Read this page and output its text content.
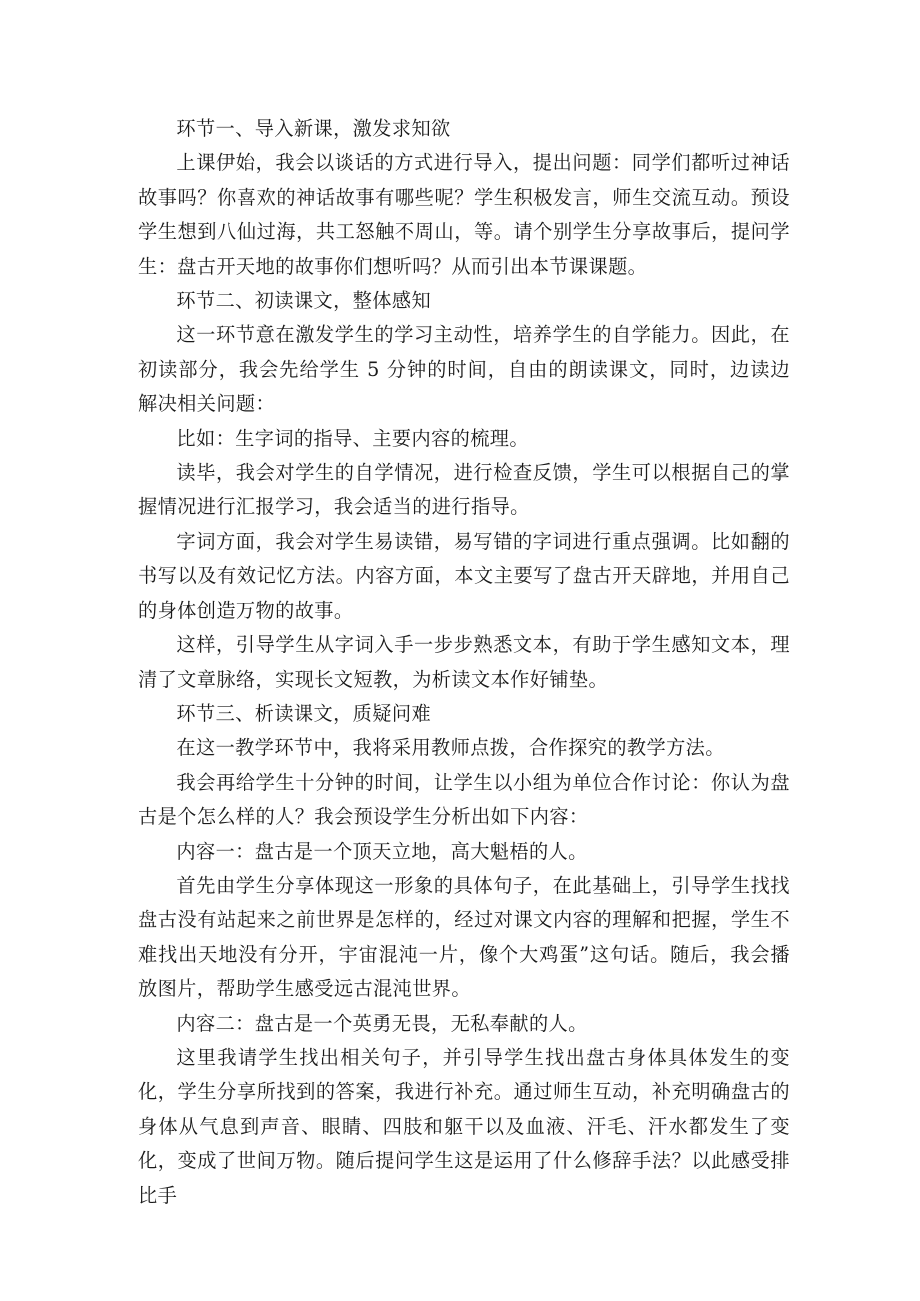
环节一、导入新课，激发求知欲

上课伊始，我会以谈话的方式进行导入，提出问题：同学们都听过神话故事吗？你喜欢的神话故事有哪些呢？学生积极发言，师生交流互动。预设学生想到八仙过海，共工怒触不周山，等。请个别学生分享故事后，提问学生：盘古开天地的故事你们想听吗？从而引出本节课课题。

环节二、初读课文，整体感知

这一环节意在激发学生的学习主动性，培养学生的自学能力。因此，在初读部分，我会先给学生 5 分钟的时间，自由的朗读课文，同时，边读边解决相关问题：

比如：生字词的指导、主要内容的梳理。

读毕，我会对学生的自学情况，进行检查反馈，学生可以根据自己的掌握情况进行汇报学习，我会适当的进行指导。

字词方面，我会对学生易读错，易写错的字词进行重点强调。比如翻的书写以及有效记忆方法。内容方面，本文主要写了盘古开天辟地，并用自己的身体创造万物的故事。

这样，引导学生从字词入手一步步熟悉文本，有助于学生感知文本，理清了文章脉络，实现长文短教，为析读文本作好铺垫。

环节三、析读课文，质疑问难

在这一教学环节中，我将采用教师点拨，合作探究的教学方法。

我会再给学生十分钟的时间，让学生以小组为单位合作讨论：你认为盘古是个怎么样的人？我会预设学生分析出如下内容：

内容一：盘古是一个顶天立地，高大魁梧的人。

首先由学生分享体现这一形象的具体句子，在此基础上，引导学生找找盘古没有站起来之前世界是怎样的，经过对课文内容的理解和把握，学生不难找出天地没有分开，宇宙混沌一片，像个大鸡蛋”这句话。随后，我会播放图片，帮助学生感受远古混沌世界。

内容二：盘古是一个英勇无畏，无私奉献的人。

这里我请学生找出相关句子，并引导学生找出盘古身体具体发生的变化，学生分享所找到的答案，我进行补充。通过师生互动，补充明确盘古的身体从气息到声音、眼睛、四肢和躯干以及血液、汗毛、汗水都发生了变化，变成了世间万物。随后提问学生这是运用了什么修辞手法？以此感受排比手
